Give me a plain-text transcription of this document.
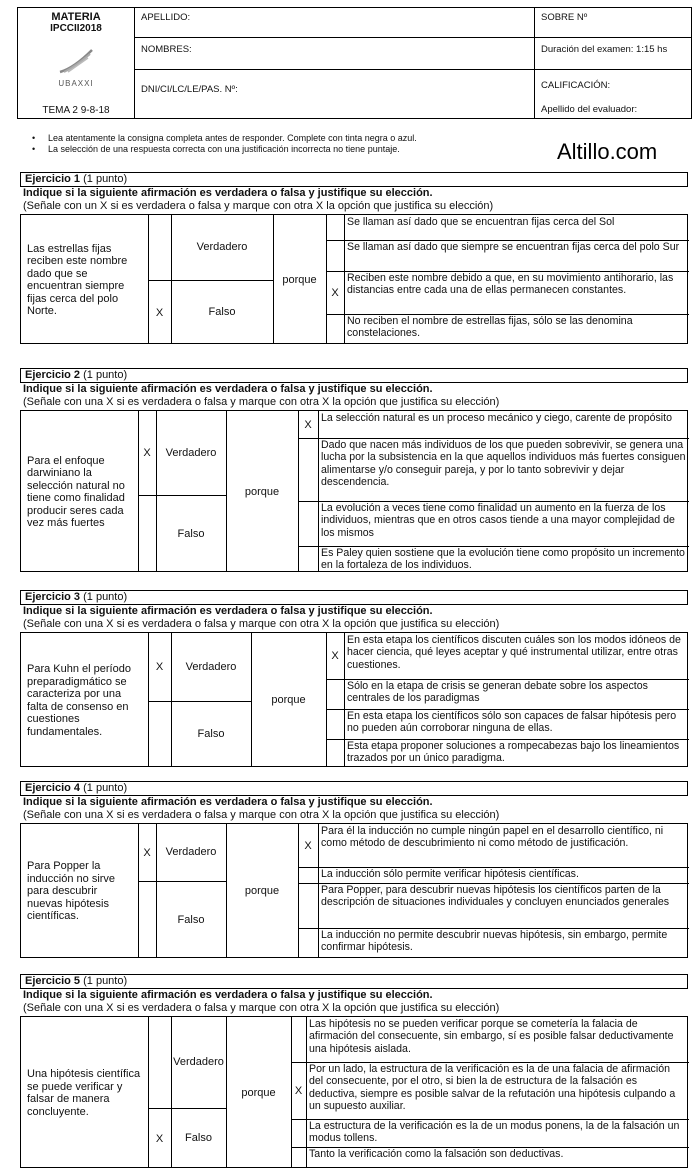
MATERIA
IPCCII2018
UBAXXI
TEMA 2 9-8-18
APELLIDO:
NOMBRES:
DNI/CI/LC/LE/PAS. Nº:
SOBRE Nº
Duración del examen: 1:15 hs
CALIFICACIÓN:
Apellido del evaluador:
• Lea atentamente la consigna completa antes de responder. Complete con tinta negra o azul.
• La selección de una respuesta correcta con una justificación incorrecta no tiene puntaje.	Altillo.com
Ejercicio 1 (1 punto)
Indique si la siguiente afirmación es verdadera o falsa y justifique su elección.
(Señale con un X si es verdadera o falsa y marque con otra X la opción que justifica su elección)
Las estrellas fijas reciben este nombre dado que se encuentran siempre fijas cerca del polo Norte.
Verdadero
Falso
X
porque
Se llaman así dado que se encuentran fijas cerca del Sol
Se llaman así dado que siempre se encuentran fijas cerca del polo Sur
X
Reciben este nombre debido a que, en su movimiento antihorario, las distancias entre cada una de ellas permanecen constantes.
No reciben el nombre de estrellas fijas, sólo se las denomina constelaciones.
Ejercicio 2 (1 punto)
Indique si la siguiente afirmación es verdadera o falsa y justifique su elección.
(Señale con una X si es verdadera o falsa y marque con otra X la opción que justifica su elección)
Para el enfoque darwiniano la selección natural no tiene como finalidad producir seres cada vez más fuertes
Verdadero
X
Falso
porque
X
La selección natural es un proceso mecánico y ciego, carente de propósito
Dado que nacen más individuos de los que pueden sobrevivir, se genera una lucha por la subsistencia en la que aquellos individuos más fuertes consiguen alimentarse y/o conseguir pareja, y por lo tanto sobrevivir y dejar descendencia.
La evolución a veces tiene como finalidad un aumento en la fuerza de los individuos, mientras que en otros casos tiende a una mayor complejidad de los mismos
Es Paley quien sostiene que la evolución tiene como propósito un incremento en la fortaleza de los individuos.
Ejercicio 3 (1 punto)
Indique si la siguiente afirmación es verdadera o falsa y justifique su elección.
(Señale con una X si es verdadera o falsa y marque con otra X la opción que justifica su elección)
Para Kuhn el período preparadigmático se caracteriza por una falta de consenso en cuestiones fundamentales.
Verdadero
X
Falso
porque
X
En esta etapa los científicos discuten cuáles son los modos idóneos de hacer ciencia, qué leyes aceptar y qué instrumental utilizar, entre otras cuestiones.
Sólo en la etapa de crisis se generan debate sobre los aspectos centrales de los paradigmas
En esta etapa los científicos sólo son capaces de falsar hipótesis pero no pueden aún corroborar ninguna de ellas.
Esta etapa proponer soluciones a rompecabezas bajo los lineamientos trazados por un único paradigma.
Ejercicio 4 (1 punto)
Indique si la siguiente afirmación es verdadera o falsa y justifique su elección.
(Señale con una X si es verdadera o falsa y marque con otra X la opción que justifica su elección)
Para Popper la inducción no sirve para descubrir nuevas hipótesis científicas.
Verdadero
X
Falso
porque
X
Para él la inducción no cumple ningún papel en el desarrollo científico, ni como método de descubrimiento ni como método de justificación.
La inducción sólo permite verificar hipótesis científicas.
Para Popper, para descubrir nuevas hipótesis los científicos parten de la descripción de situaciones individuales y concluyen enunciados generales
La inducción no permite descubrir nuevas hipótesis, sin embargo, permite confirmar hipótesis.
Ejercicio 5 (1 punto)
Indique si la siguiente afirmación es verdadera o falsa y justifique su elección.
(Señale con una X si es verdadera o falsa y marque con otra X la opción que justifica su elección)
Una hipótesis científica se puede verificar y falsar de manera concluyente.
Verdadero
Falso
X
porque
Las hipótesis no se pueden verificar porque se cometería la falacia de afirmación del consecuente, sin embargo, sí es posible falsar deductivamente una hipótesis aislada.
X
Por un lado, la estructura de la verificación es la de una falacia de afirmación del consecuente, por el otro, si bien la de estructura de la falsación es deductiva, siempre es posible salvar de la refutación una hipótesis culpando a un supuesto auxiliar.
La estructura de la verificación es la de un modus ponens, la de la falsación un modus tollens.
Tanto la verificación como la falsación son deductivas.
